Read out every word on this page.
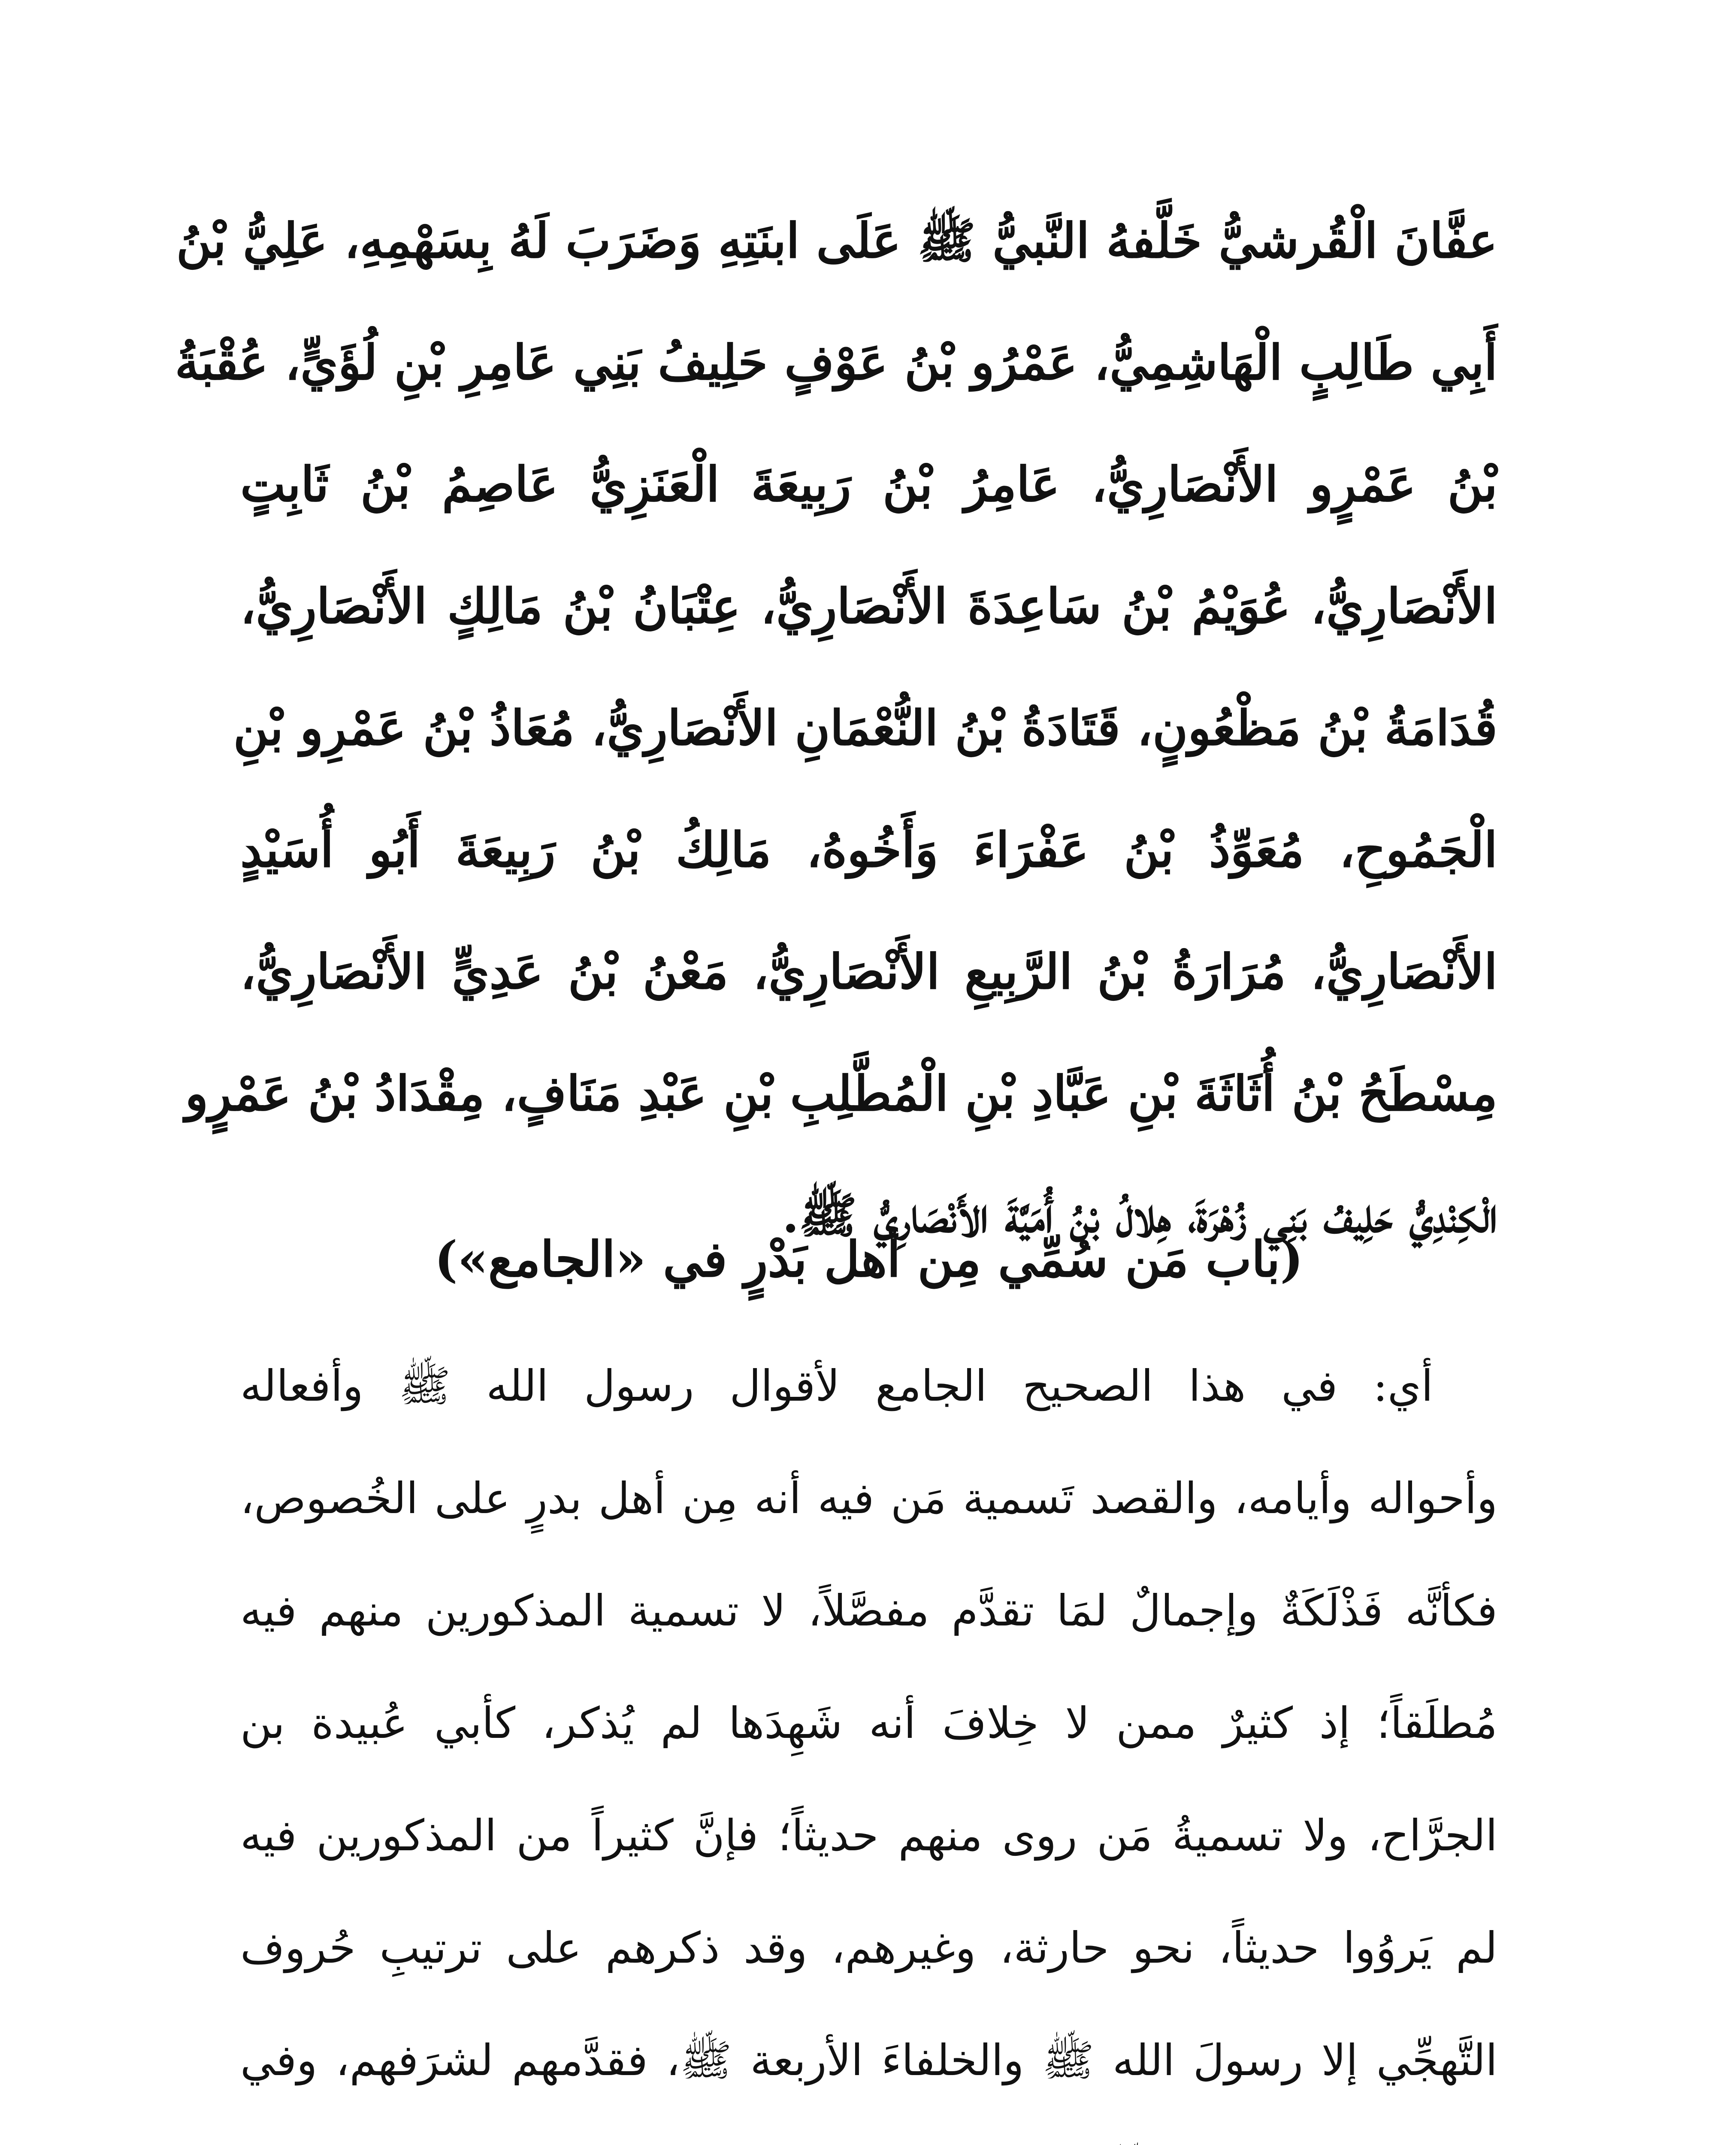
عفَّانَ الْقُرشيُّ خَلَّفهُ النَّبيُّ ﷺ عَلَى ابنَتِهِ وَضَرَبَ لَهُ بِسَهْمِهِ، عَلِيُّ بْنُ
أَبِي طَالِبٍ الْهَاشِمِيُّ، عَمْرُو بْنُ عَوْفٍ حَلِيفُ بَنِي عَامِرِ بْنِ لُؤَيٍّ، عُقْبَةُ
بْنُ عَمْرٍو الأَنْصَارِيُّ، عَامِرُ بْنُ رَبِيعَةَ الْعَنَزِيُّ عَاصِمُ بْنُ ثَابِتٍ
الأَنْصَارِيُّ، عُوَيْمُ بْنُ سَاعِدَةَ الأَنْصَارِيُّ، عِتْبَانُ بْنُ مَالِكٍ الأَنْصَارِيُّ،
قُدَامَةُ بْنُ مَظْعُونٍ، قَتَادَةُ بْنُ النُّعْمَانِ الأَنْصَارِيُّ، مُعَاذُ بْنُ عَمْرِو بْنِ
الْجَمُوحِ، مُعَوِّذُ بْنُ عَفْرَاءَ وَأَخُوهُ، مَالِكُ بْنُ رَبِيعَةَ أَبُو أُسَيْدٍ
الأَنْصَارِيُّ، مُرَارَةُ بْنُ الرَّبِيعِ الأَنْصَارِيُّ، مَعْنُ بْنُ عَدِيٍّ الأَنْصَارِيُّ،
مِسْطَحُ بْنُ أُثَاثَةَ بْنِ عَبَّادِ بْنِ الْمُطَّلِبِ بْنِ عَبْدِ مَنَافٍ، مِقْدَادُ بْنُ عَمْرٍو
الْكِنْدِيُّ حَلِيفُ بَنِي زُهْرَةَ، هِلالُ بْنُ أُمَيَّةَ الأَنْصَارِيُّ ﷺ.
(باب مَن سُمِّي مِن أهل بَدْرٍ في «الجامع»)
أي: في هذا الصحيح الجامع لأقوال رسول الله ﷺ وأفعاله
وأحواله وأيامه، والقصد تَسمية مَن فيه أنه مِن أهل بدرٍ على الخُصوص،
فكأنَّه فَذْلَكَةٌ وإجمالٌ لمَا تقدَّم مفصَّلاً، لا تسمية المذكورين منهم فيه
مُطلَقاً؛ إذ كثيرٌ ممن لا خِلافَ أنه شَهِدَها لم يُذكر، كأبي عُبيدة بن
الجرَّاح، ولا تسميةُ مَن روى منهم حديثاً؛ فإنَّ كثيراً من المذكورين فيه
لم يَروُوا حديثاً، نحو حارثة، وغيرهم، وقد ذكرهم على ترتيبِ حُروف
التَّهجِّي إلا رسولَ الله ﷺ والخلفاءَ الأربعة ﷺ، فقدَّمهم لشرَفهم، وفي
